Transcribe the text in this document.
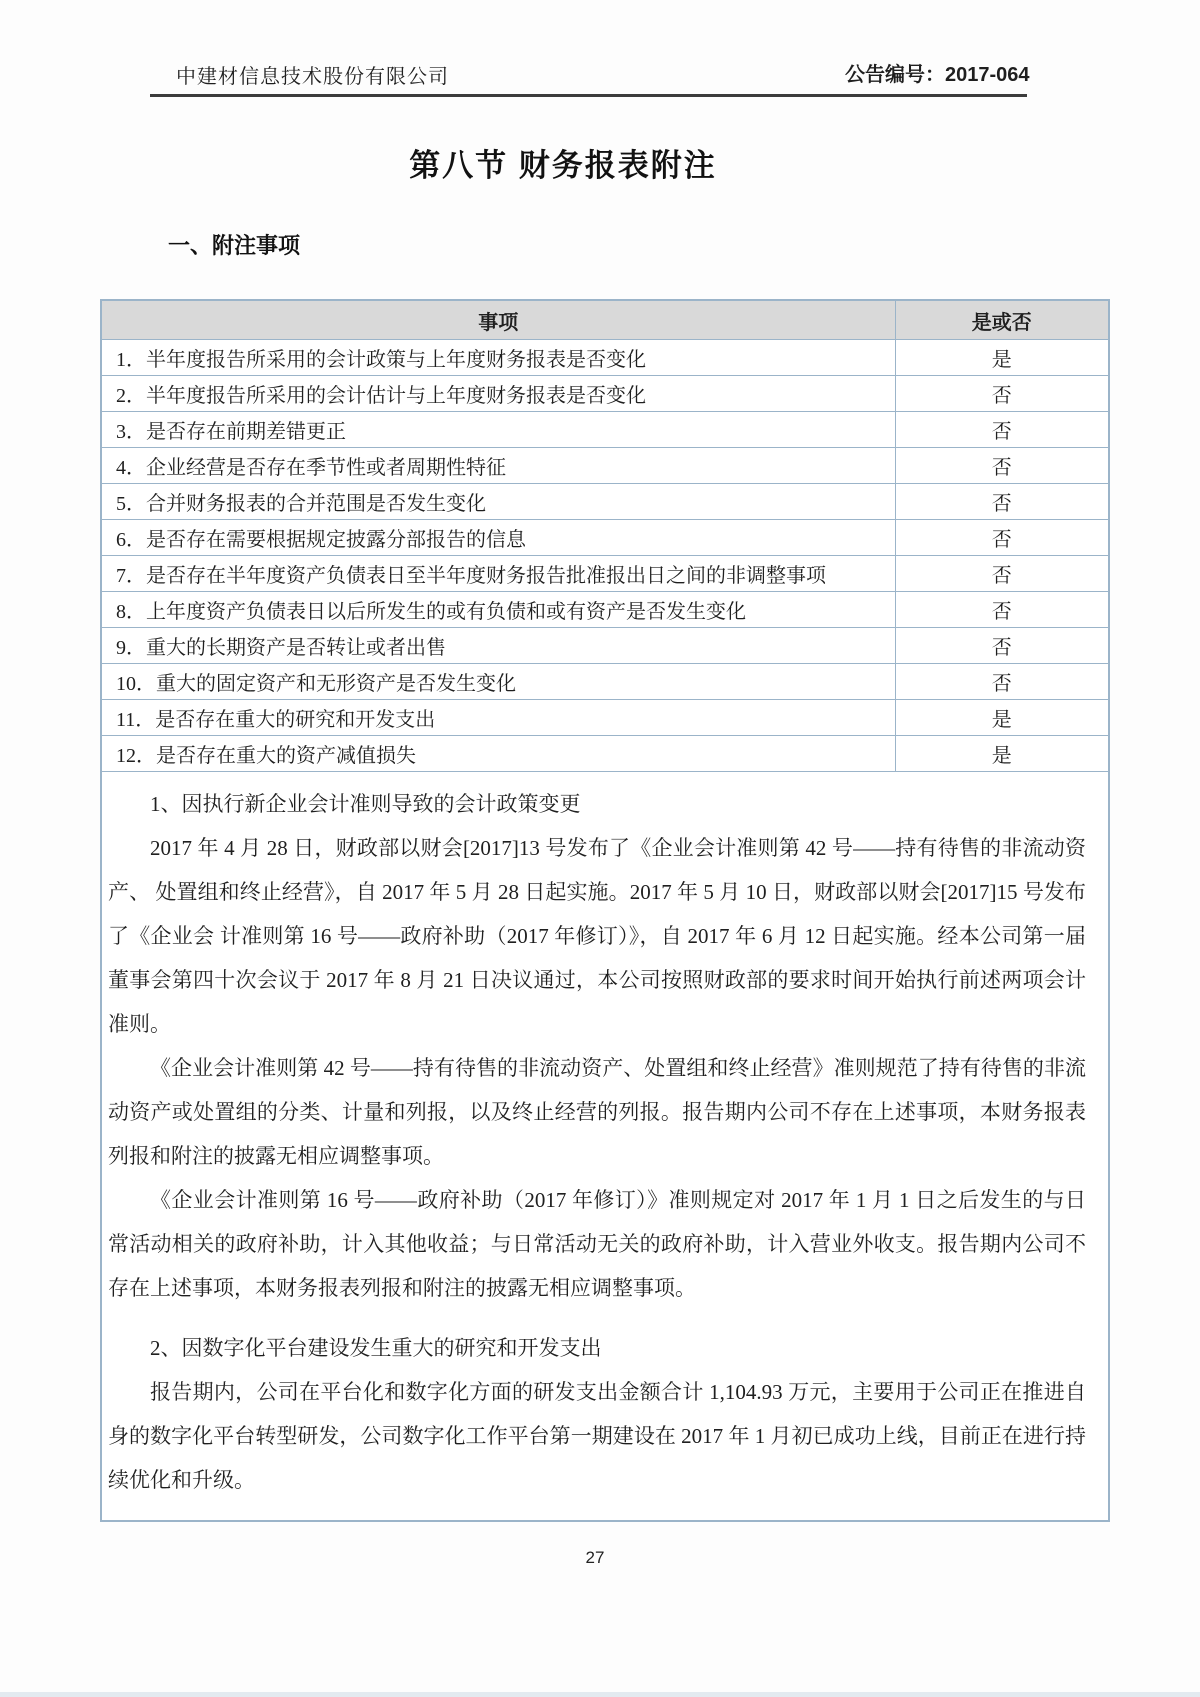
中建材信息技术股份有限公司	公告编号：2017-064
第八节 财务报表附注
一、附注事项
事项	是或否
1．半年度报告所采用的会计政策与上年度财务报表是否变化	是
2．半年度报告所采用的会计估计与上年度财务报表是否变化	否
3．是否存在前期差错更正	否
4．企业经营是否存在季节性或者周期性特征	否
5．合并财务报表的合并范围是否发生变化	否
6．是否存在需要根据规定披露分部报告的信息	否
7．是否存在半年度资产负债表日至半年度财务报告批准报出日之间的非调整事项	否
8．上年度资产负债表日以后所发生的或有负债和或有资产是否发生变化	否
9．重大的长期资产是否转让或者出售	否
10．重大的固定资产和无形资产是否发生变化	否
11．是否存在重大的研究和开发支出	是
12．是否存在重大的资产减值损失	是

1、因执行新企业会计准则导致的会计政策变更

2017 年 4 月 28 日，财政部以财会[2017]13 号发布了《企业会计准则第 42 号——持有待售的非流动资产、 处置组和终止经营》，自 2017 年 5 月 28 日起实施。2017 年 5 月 10 日，财政部以财会[2017]15 号发布了《企业会 计准则第 16 号——政府补助（2017 年修订）》，自 2017 年 6 月 12 日起实施。经本公司第一届董事会第四十次会议于 2017 年 8 月 21 日决议通过，本公司按照财政部的要求时间开始执行前述两项会计准则。

《企业会计准则第 42 号——持有待售的非流动资产、处置组和终止经营》准则规范了持有待售的非流 动资产或处置组的分类、计量和列报，以及终止经营的列报。报告期内公司不存在上述事项，本财务报表列报和附注的披露无相应调整事项。

《企业会计准则第 16 号——政府补助（2017 年修订）》准则规定对 2017 年 1 月 1 日之后发生的与日常活动相关的政府补助，计入其他收益；与日常活动无关的政府补助，计入营业外收支。报告期内公司不存在上述事项，本财务报表列报和附注的披露无相应调整事项。

2、因数字化平台建设发生重大的研究和开发支出

报告期内，公司在平台化和数字化方面的研发支出金额合计 1,104.93 万元，主要用于公司正在推进自身的数字化平台转型研发，公司数字化工作平台第一期建设在 2017 年 1 月初已成功上线，目前正在进行持续优化和升级。

27
